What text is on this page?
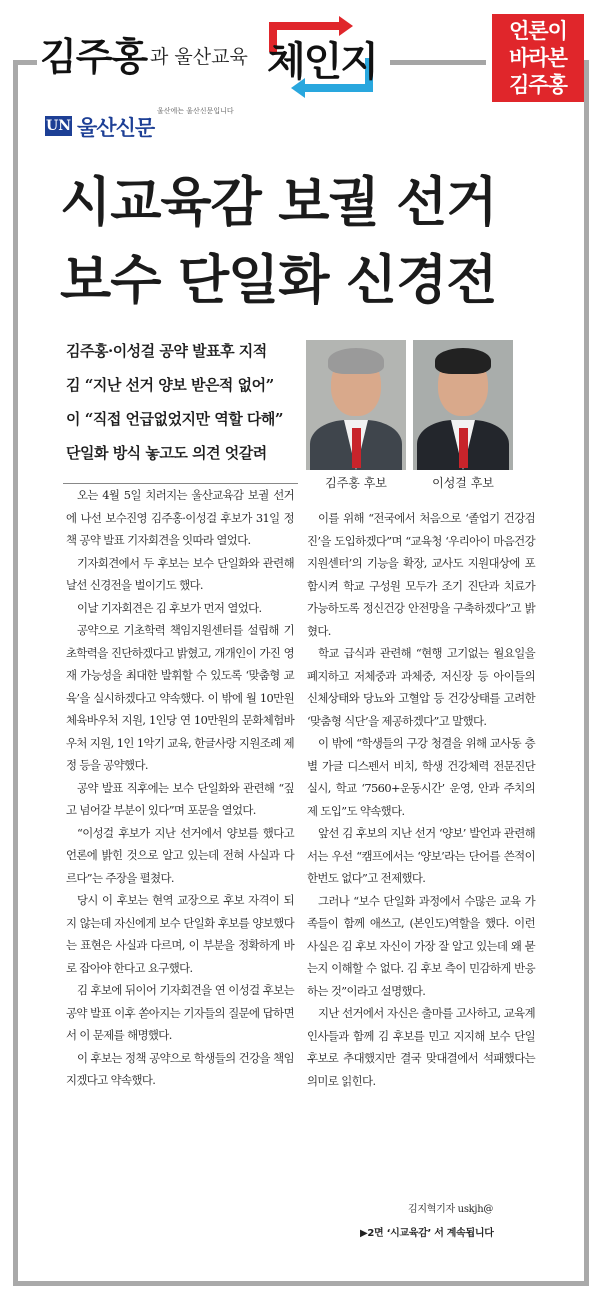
김주홍 과 울산교육 체인지
언론이
바라본
김주홍
UN 울산신문
울산에는 울산신문입니다
시교육감 보궐 선거
보수 단일화 신경전
김주홍·이성걸 공약 발표후 지적
김 “지난 선거 양보 받은적 없어”
이 “직접 언급없었지만 역할 다해”
단일화 방식 놓고도 의견 엇갈려
김주홍 후보	이성걸 후보

오는 4월 5일 치러지는 울산교육감 보궐 선거에 나선 보수진영 김주홍·이성걸 후보가 31일 정책 공약 발표 기자회견을 잇따라 열었다.

기자회견에서 두 후보는 보수 단일화와 관련해 날선 신경전을 벌이기도 했다.

이날 기자회견은 김 후보가 먼저 열었다.

공약으로 기초학력 책임지원센터를 설립해 기초학력을 진단하겠다고 밝혔고, 개개인이 가진 영재 가능성을 최대한 발휘할 수 있도록 ‘맞춤형 교육’을 실시하겠다고 약속했다. 이 밖에 월 10만원 체육바우처 지원, 1인당 연 10만원의 문화체험바우처 지원, 1인 1악기 교육, 한글사랑 지원조례 제정 등을 공약했다.

공약 발표 직후에는 보수 단일화와 관련해 “짚고 넘어갈 부분이 있다”며 포문을 열었다.

“이성걸 후보가 지난 선거에서 양보를 했다고 언론에 밝힌 것으로 알고 있는데 전혀 사실과 다르다”는 주장을 펼쳤다.

당시 이 후보는 현역 교장으로 후보 자격이 되지 않는데 자신에게 보수 단일화 후보를 양보했다는 표현은 사실과 다르며, 이 부분을 정확하게 바로 잡아야 한다고 요구했다.

김 후보에 뒤이어 기자회견을 연 이성걸 후보는 공약 발표 이후 쏟아지는 기자들의 질문에 답하면서 이 문제를 해명했다.

이 후보는 정책 공약으로 학생들의 건강을 책임지겠다고 약속했다.

이를 위해 “전국에서 처음으로 ‘졸업기 건강검진’을 도입하겠다”며 “교육청 ‘우리아이 마음건강지원센터’의 기능을 확장, 교사도 지원대상에 포함시켜 학교 구성원 모두가 조기 진단과 치료가 가능하도록 정신건강 안전망을 구축하겠다”고 밝혔다.

학교 급식과 관련해 “현행 고기없는 월요일을 폐지하고 저체중과 과체중, 저신장 등 아이들의 신체상태와 당뇨와 고혈압 등 건강상태를 고려한 ‘맞춤형 식단’을 제공하겠다”고 말했다.

이 밖에 “학생들의 구강 청결을 위해 교사동 층별 가글 디스펜서 비치, 학생 건강체력 전문진단 실시, 학교 ‘7560+운동시간’ 운영, 안과 주치의제 도입”도 약속했다.

앞선 김 후보의 지난 선거 ‘양보’ 발언과 관련해서는 우선 “캠프에서는 ‘양보’라는 단어를 쓴적이 한번도 없다”고 전제했다.

그러나 “보수 단일화 과정에서 수많은 교육 가족들이 함께 애쓰고, (본인도)역할을 했다. 이런 사실은 김 후보 자신이 가장 잘 알고 있는데 왜 묻는지 이해할 수 없다. 김 후보 측이 민감하게 반응하는 것”이라고 설명했다.

지난 선거에서 자신은 출마를 고사하고, 교육계 인사들과 함께 김 후보를 민고 지지해 보수 단일 후보로 추대했지만 결국 맞대결에서 석패했다는 의미로 읽힌다.

김지혁기자 uskjh@
▶2면 ‘시교육감’ 서 계속됩니다
